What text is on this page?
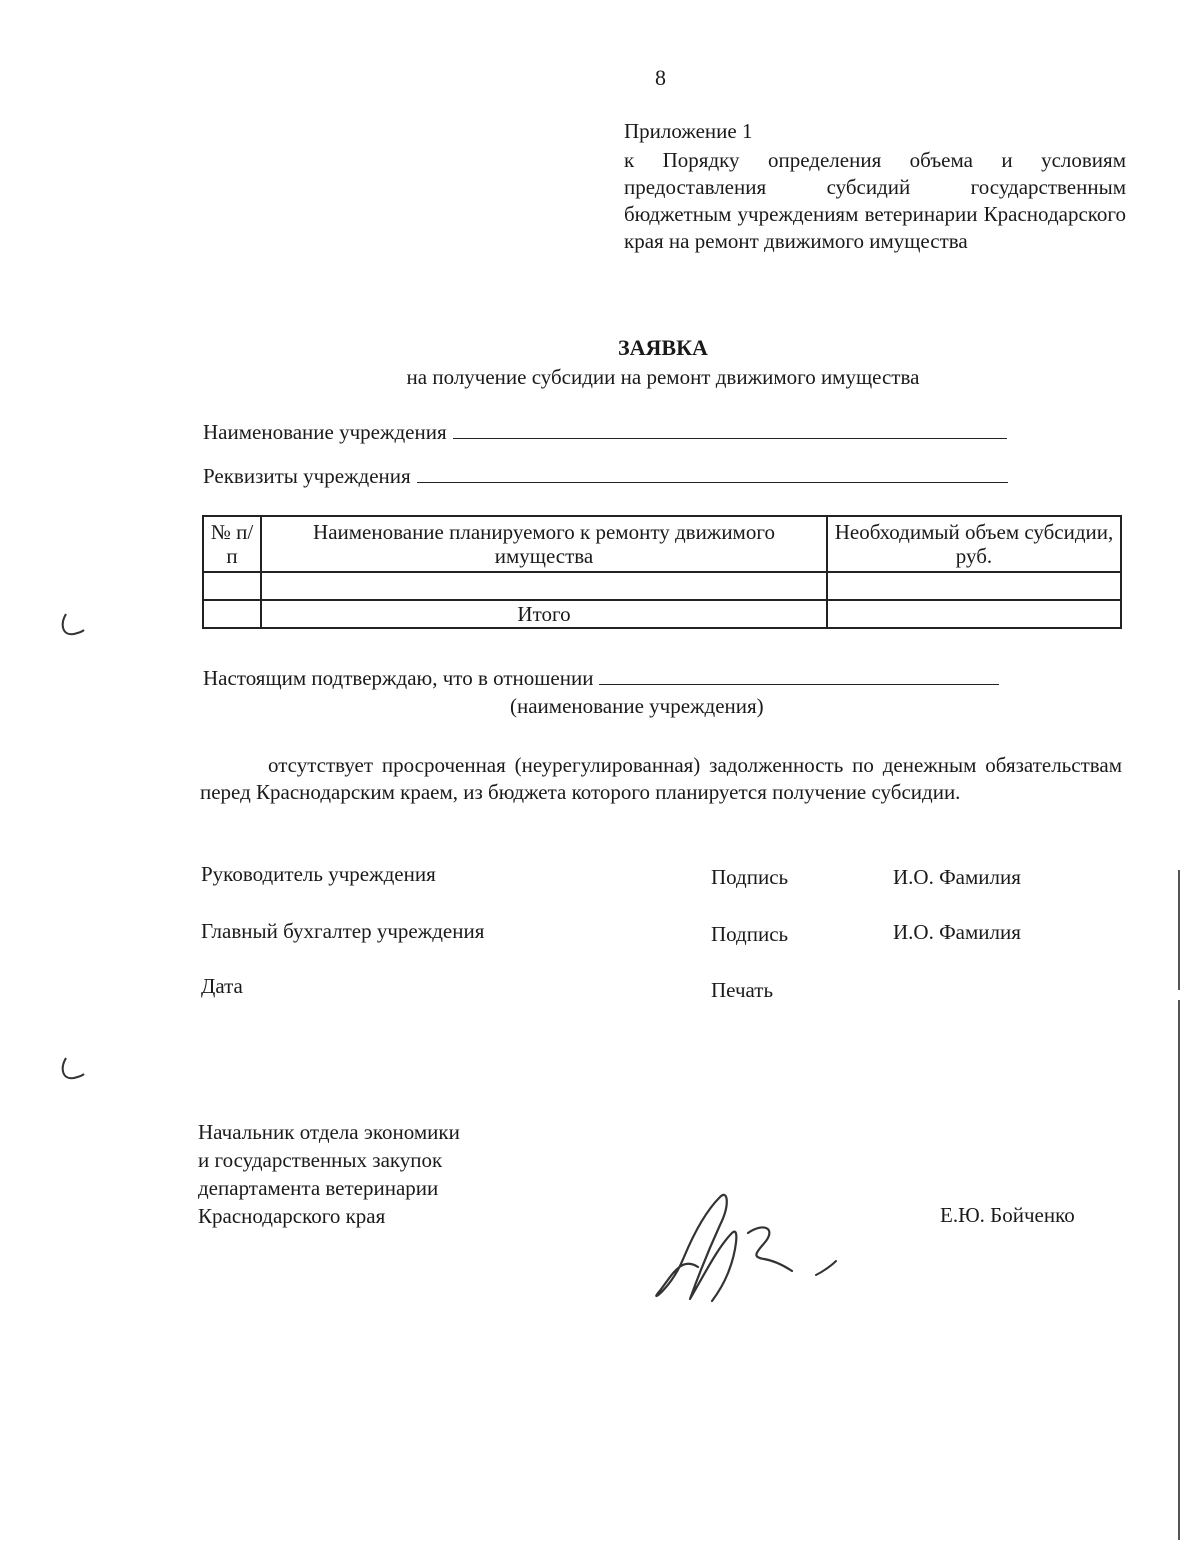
8
Приложение 1
к Порядку определения объема и условиям предоставления субсидий государственным бюджетным учреждениям ветеринарии Краснодарского края на ремонт движимого имущества
ЗАЯВКА
на получение субсидии на ремонт движимого имущества
Наименование учреждения
Реквизиты учреждения
№ п/п	Наименование планируемого к ремонту движимого имущества	Необходимый объем субсидии, руб.

	Итого	
Настоящим подтверждаю, что в отношении
(наименование учреждения)
отсутствует просроченная (неурегулированная) задолженность по денежным обязательствам перед Краснодарским краем, из бюджета которого планируется получение субсидии.
Руководитель учреждения	Подпись	И.О. Фамилия
Главный бухгалтер учреждения	Подпись	И.О. Фамилия
Дата	Печать
Начальник отдела экономики
и государственных закупок
департамента ветеринарии
Краснодарского края	Е.Ю. Бойченко
